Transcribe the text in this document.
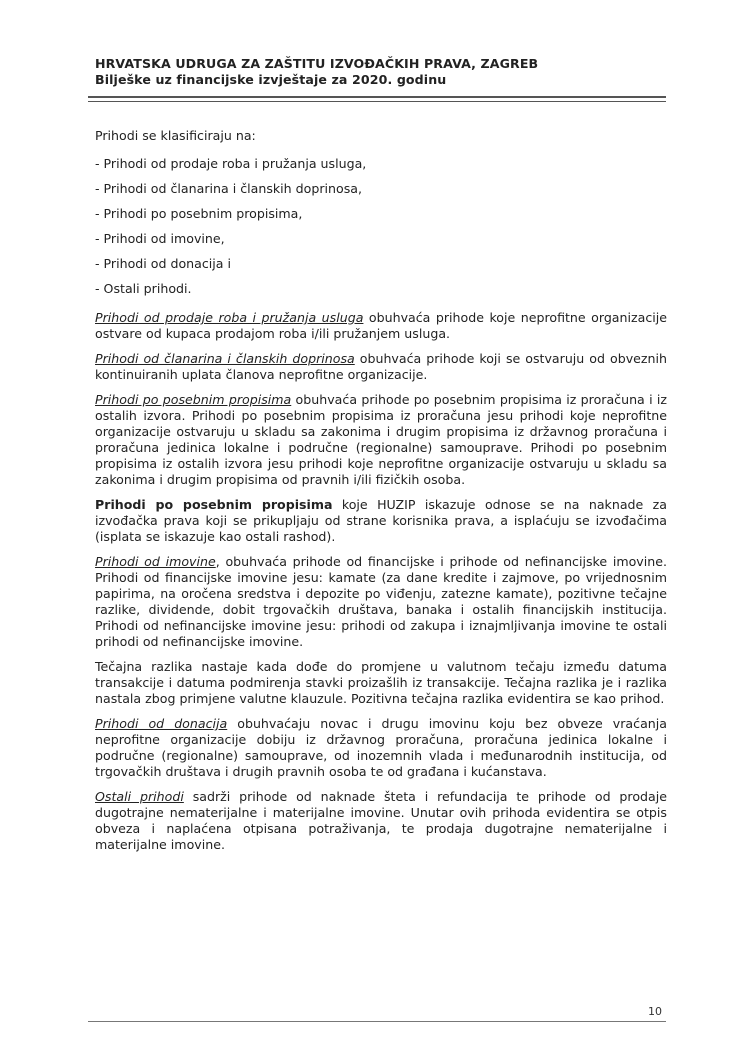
HRVATSKA UDRUGA ZA ZAŠTITU IZVOĐAČKIH PRAVA, ZAGREB
Bilješke uz financijske izvještaje za 2020. godinu

Prihodi se klasificiraju na:

- Prihodi od prodaje roba i pružanja usluga,
- Prihodi od članarina i članskih doprinosa,
- Prihodi po posebnim propisima,
- Prihodi od imovine,
- Prihodi od donacija i
- Ostali prihodi.

Prihodi od prodaje roba i pružanja usluga obuhvaća prihode koje neprofitne organizacije ostvare od kupaca prodajom roba i/ili pružanjem usluga.

Prihodi od članarina i članskih doprinosa obuhvaća prihode koji se ostvaruju od obveznih kontinuiranih uplata članova neprofitne organizacije.

Prihodi po posebnim propisima obuhvaća prihode po posebnim propisima iz proračuna i iz ostalih izvora. Prihodi po posebnim propisima iz proračuna jesu prihodi koje neprofitne organizacije ostvaruju u skladu sa zakonima i drugim propisima iz državnog proračuna i proračuna jedinica lokalne i područne (regionalne) samouprave. Prihodi po posebnim propisima iz ostalih izvora jesu prihodi koje neprofitne organizacije ostvaruju u skladu sa zakonima i drugim propisima od pravnih i/ili fizičkih osoba.

Prihodi po posebnim propisima koje HUZIP iskazuje odnose se na naknade za izvođačka prava koji se prikupljaju od strane korisnika prava, a isplaćuju se izvođačima (isplata se iskazuje kao ostali rashod).

Prihodi od imovine, obuhvaća prihode od financijske i prihode od nefinancijske imovine. Prihodi od financijske imovine jesu: kamate (za dane kredite i zajmove, po vrijednosnim papirima, na oročena sredstva i depozite po viđenju, zatezne kamate), pozitivne tečajne razlike, dividende, dobit trgovačkih društava, banaka i ostalih financijskih institucija. Prihodi od nefinancijske imovine jesu: prihodi od zakupa i iznajmljivanja imovine te ostali prihodi od nefinancijske imovine.

Tečajna razlika nastaje kada dođe do promjene u valutnom tečaju između datuma transakcije i datuma podmirenja stavki proizašlih iz transakcije. Tečajna razlika je i razlika nastala zbog primjene valutne klauzule. Pozitivna tečajna razlika evidentira se kao prihod.

Prihodi od donacija obuhvaćaju novac i drugu imovinu koju bez obveze vraćanja neprofitne organizacije dobiju iz državnog proračuna, proračuna jedinica lokalne i područne (regionalne) samouprave, od inozemnih vlada i međunarodnih institucija, od trgovačkih društava i drugih pravnih osoba te od građana i kućanstava.

Ostali prihodi sadrži prihode od naknade šteta i refundacija te prihode od prodaje dugotrajne nematerijalne i materijalne imovine. Unutar ovih prihoda evidentira se otpis obveza i naplaćena otpisana potraživanja, te prodaja dugotrajne nematerijalne i materijalne imovine.

10
